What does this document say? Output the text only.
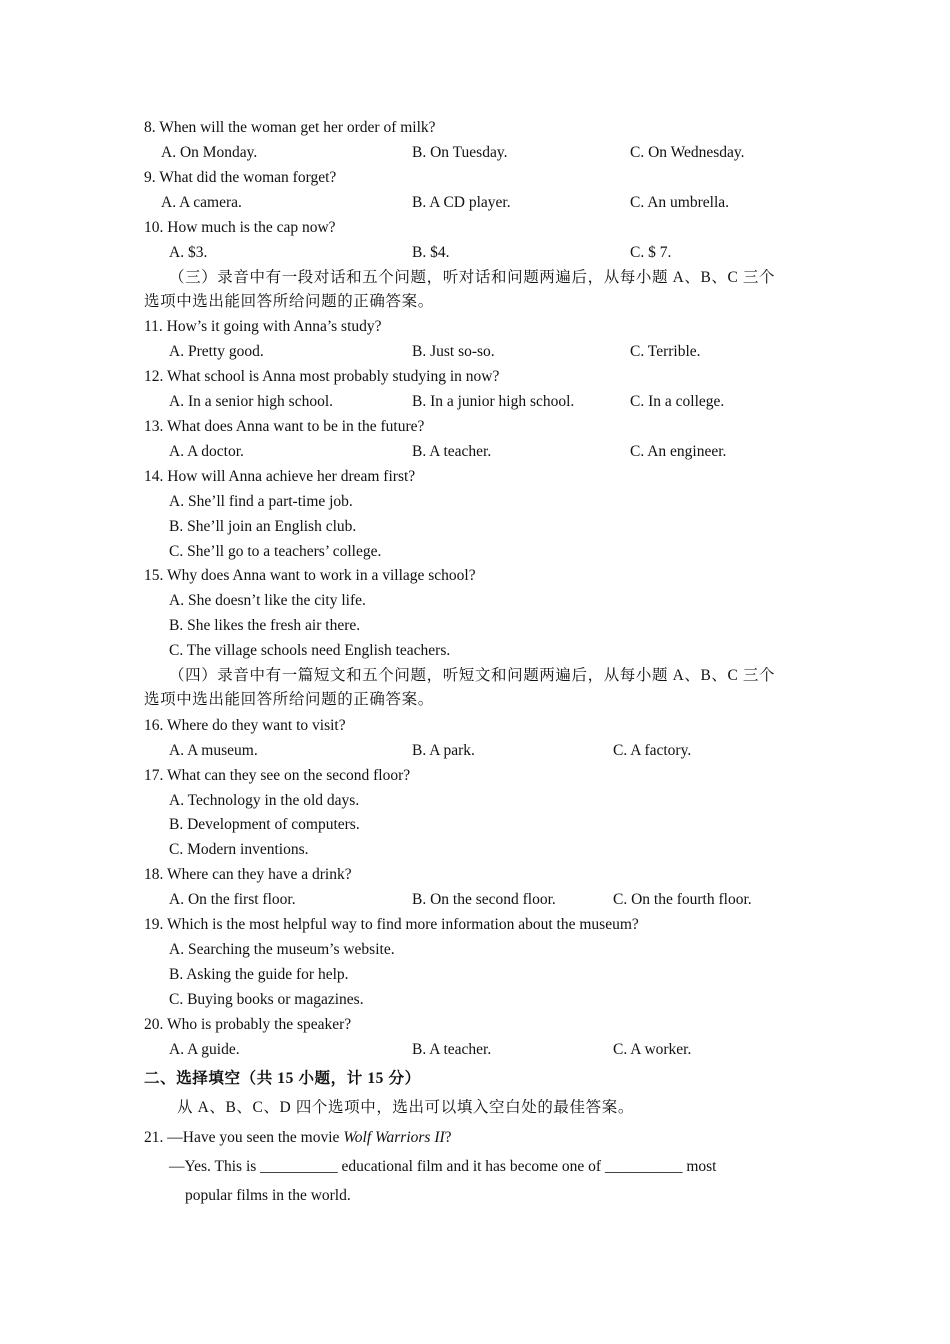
8. When will the woman get her order of milk?
A. On Monday.	B. On Tuesday.	C. On Wednesday.
9. What did the woman forget?
A. A camera.	B. A CD player.	C. An umbrella.
10. How much is the cap now?
A. $3.	B. $4.	C. $ 7.
（三）录音中有一段对话和五个问题，听对话和问题两遍后，从每小题 A、B、C 三个
选项中选出能回答所给问题的正确答案。
11. How’s it going with Anna’s study?
A. Pretty good.	B. Just so-so.	C. Terrible.
12. What school is Anna most probably studying in now?
A. In a senior high school.	B. In a junior high school.	C. In a college.
13. What does Anna want to be in the future?
A. A doctor.	B. A teacher.	C. An engineer.
14. How will Anna achieve her dream first?
A. She’ll find a part-time job.
B. She’ll join an English club.
C. She’ll go to a teachers’ college.
15. Why does Anna want to work in a village school?
A. She doesn’t like the city life.
B. She likes the fresh air there.
C. The village schools need English teachers.
（四）录音中有一篇短文和五个问题，听短文和问题两遍后，从每小题 A、B、C 三个
选项中选出能回答所给问题的正确答案。
16. Where do they want to visit?
A. A museum.	B. A park.	C. A factory.
17. What can they see on the second floor?
A. Technology in the old days.
B. Development of computers.
C. Modern inventions.
18. Where can they have a drink?
A. On the first floor.	B. On the second floor.	C. On the fourth floor.
19. Which is the most helpful way to find more information about the museum?
A. Searching the museum’s website.
B. Asking the guide for help.
C. Buying books or magazines.
20. Who is probably the speaker?
A. A guide.	B. A teacher.	C. A worker.
二、选择填空（共 15 小题，计 15 分）
从 A、B、C、D 四个选项中，选出可以填入空白处的最佳答案。
21. —Have you seen the movie Wolf Warriors II?
—Yes. This is __________ educational film and it has become one of __________ most
popular films in the world.
